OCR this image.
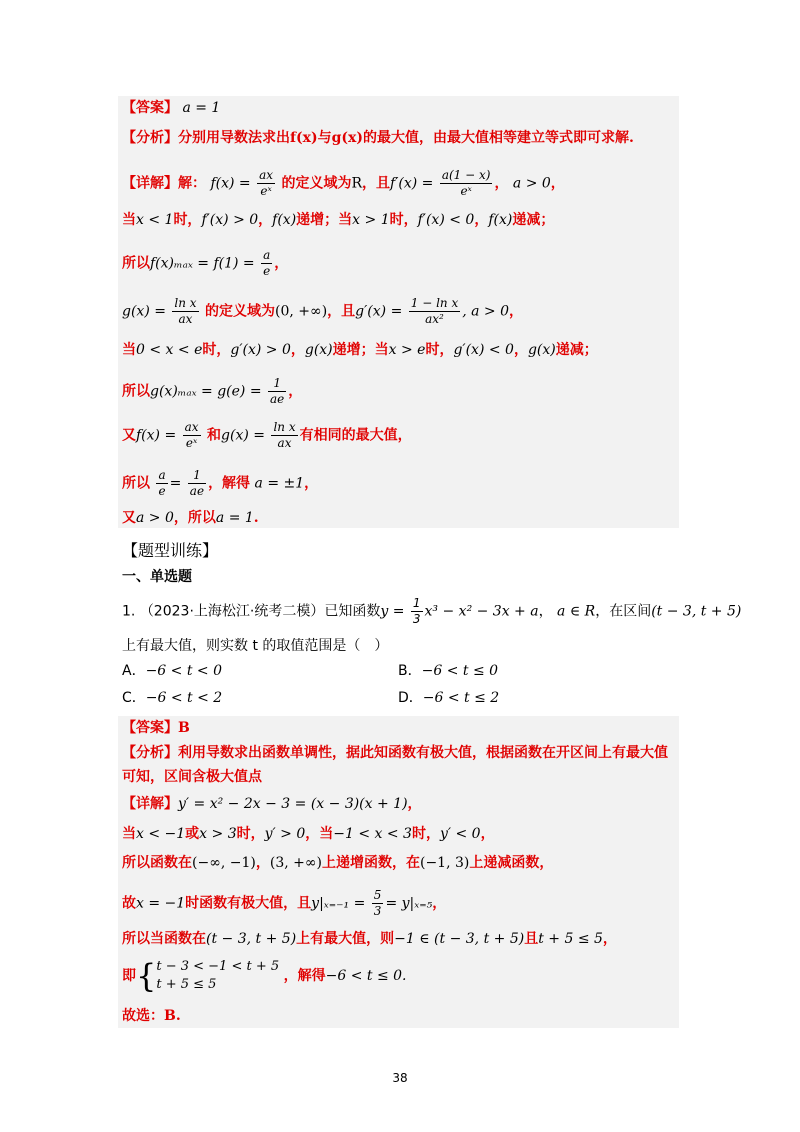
【答案】 a = 1
【分析】分别用导数法求出f(x)与g(x)的最大值，由最大值相等建立等式即可求解.
【详解】解： $f(x) = \frac{ax}{\text{eˣ}}$ 的定义域为R，且$f'(x) = \frac{a(1 - x)}{\text{eˣ}}$ ， a > 0，
当x < 1时，f′(x) > 0，f(x)递增；当x > 1时，f′(x) < 0，f(x)递减；
所以$f(x)_{max} = f(1) = \frac{a}{e}$ ，
$g(x) = \frac{\text{ln x}}{ax}$ 的定义域为(0, +∞)，且$g'(x) = \frac{\text{1 − ln x}}{\text{ax²}}$ , a > 0，
当0 < x < e时，g′(x) > 0，g(x)递增；当x > e时，g′(x) < 0，g(x)递减；
所以$g(x)_{max} = g(e) = \frac{1}{ae}$ ，
又$f(x) = \frac{ax}{\text{eˣ}}$ 和$g(x) = \frac{\text{ln x}}{ax}$ 有相同的最大值，
所以 $\frac{a}{e} = \frac{1}{ae}$ ，解得 a = ±1，
又a > 0，所以a = 1.
【题型训练】
一、单选题
1. （2023·上海松江·统考二模）已知函数$y = \frac{1}{3} x^3 - x^2 - 3x + a$， a ∈ R，在区间(t − 3, t + 5)
上有最大值，则实数 t 的取值范围是（　）
A．−6 < t < 0	B．−6 < t ≤ 0
C．−6 < t < 2	D．−6 < t ≤ 2
【答案】B
【分析】利用导数求出函数单调性，据此知函数有极大值，根据函数在开区间上有最大值
可知，区间含极大值点
【详解】y′ = x² − 2x − 3 = (x − 3)(x + 1)，
当x < −1或x > 3时，y′ > 0，当−1 < x < 3时，y′ < 0，
所以函数在(−∞, −1)，(3, +∞)上递增函数，在(−1, 3)上递减函数，
故x = −1时函数有极大值，且$y|_{x=-1} = \frac{5}{3} = y|_{x=5}$，
所以当函数在(t − 3, t + 5)上有最大值，则−1 ∈ (t − 3, t + 5)且t + 5 ≤ 5，
即{ t − 3 < −1 < t + 5
t + 5 ≤ 5
，解得−6 < t ≤ 0.
故选：B.
38
